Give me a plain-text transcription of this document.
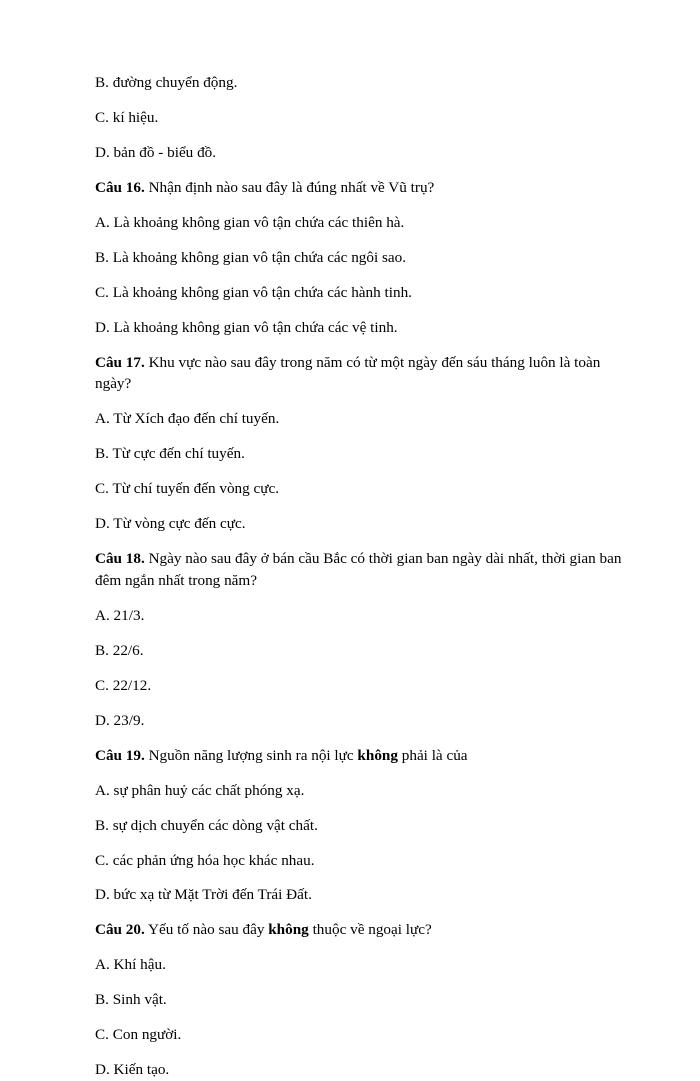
B. đường chuyển động.

C. kí hiệu.

D. bản đồ - biểu đồ.

Câu 16. Nhận định nào sau đây là đúng nhất về Vũ trụ?

A. Là khoảng không gian vô tận chứa các thiên hà.

B. Là khoảng không gian vô tận chứa các ngôi sao.

C. Là khoảng không gian vô tận chứa các hành tinh.

D. Là khoảng không gian vô tận chứa các vệ tinh.

Câu 17. Khu vực nào sau đây trong năm có từ một ngày đến sáu tháng luôn là toàn ngày?

A. Từ Xích đạo đến chí tuyến.

B. Từ cực đến chí tuyến.

C. Từ chí tuyến đến vòng cực.

D. Từ vòng cực đến cực.

Câu 18. Ngày nào sau đây ở bán cầu Bắc có thời gian ban ngày dài nhất, thời gian ban đêm ngắn nhất trong năm?

A. 21/3.

B. 22/6.

C. 22/12.

D. 23/9.

Câu 19. Nguồn năng lượng sinh ra nội lực không phải là của

A. sự phân huỷ các chất phóng xạ.

B. sự dịch chuyển các dòng vật chất.

C. các phản ứng hóa học khác nhau.

D. bức xạ từ Mặt Trời đến Trái Đất.

Câu 20. Yếu tố nào sau đây không thuộc về ngoại lực?

A. Khí hậu.

B. Sinh vật.

C. Con người.

D. Kiến tạo.
